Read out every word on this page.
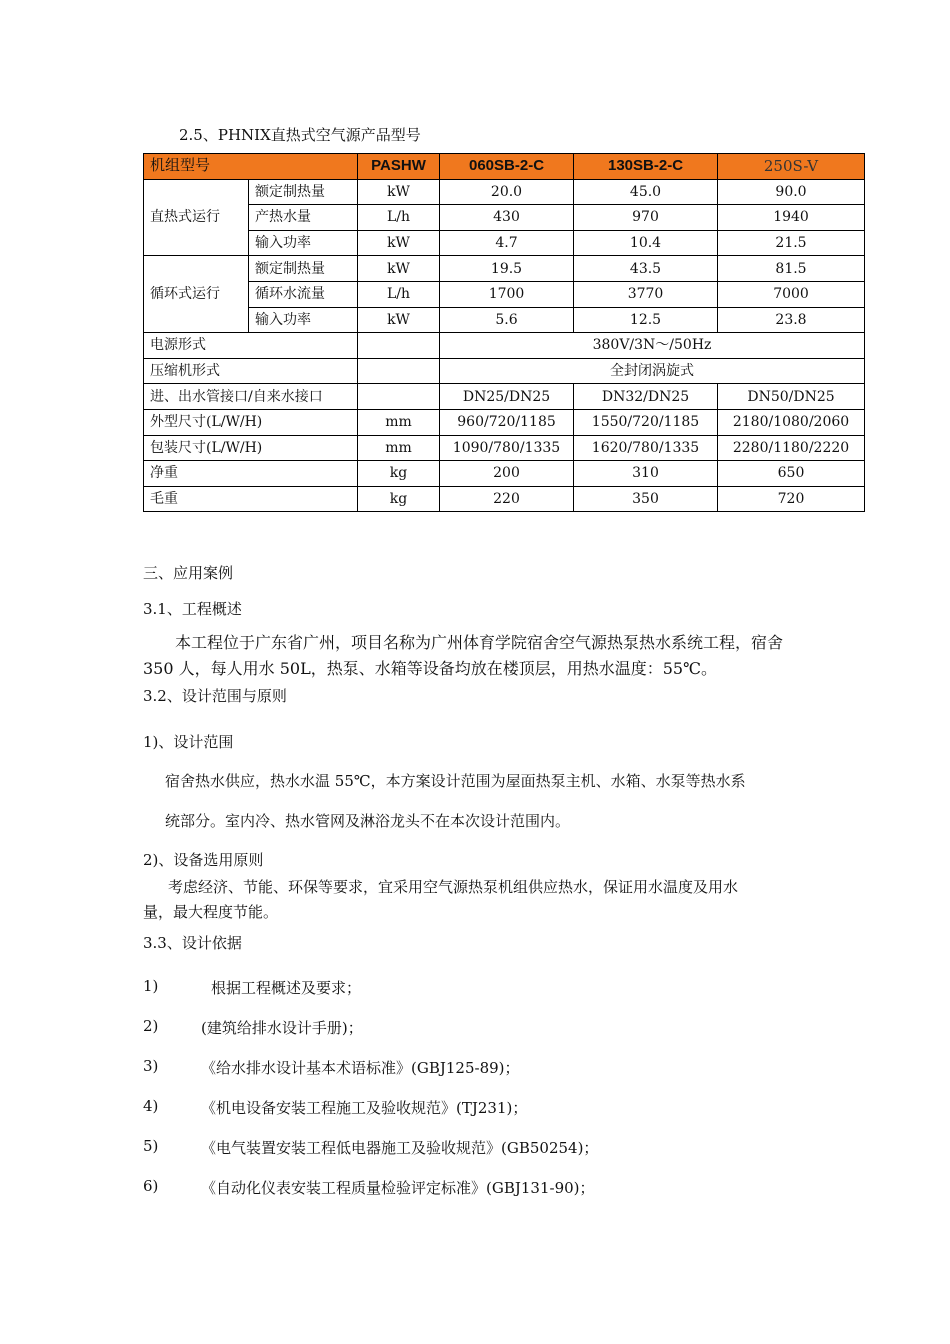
2.5、PHNIX直热式空气源产品型号
机组型号		PASHW	060SB-2-C	130SB-2-C	250S-V
直热式运行	额定制热量	kW	20.0	45.0	90.0
	产热水量	L/h	430	970	1940
	输入功率	kW	4.7	10.4	21.5
循环式运行	额定制热量	kW	19.5	43.5	81.5
	循环水流量	L/h	1700	3770	7000
	输入功率	kW	5.6	12.5	23.8
电源形式			380V/3N～/50Hz		
压缩机形式			全封闭涡旋式		
进、出水管接口/自来水接口			DN25/DN25	DN32/DN25	DN50/DN25
外型尺寸(L/W/H)		mm	960/720/1185	1550/720/1185	2180/1080/2060
包装尺寸(L/W/H)		mm	1090/780/1335	1620/780/1335	2280/1180/2220
净重		kg	200	310	650
毛重		kg	220	350	720
三、应用案例
3.1、工程概述
本工程位于广东省广州，项目名称为广州体育学院宿舍空气源热泵热水系统工程，宿舍
350 人，每人用水 50L，热泵、水箱等设备均放在楼顶层，用热水温度：55℃。
3.2、设计范围与原则
1)、设计范围
宿舍热水供应，热水水温 55℃，本方案设计范围为屋面热泵主机、水箱、水泵等热水系
统部分。室内冷、热水管网及淋浴龙头不在本次设计范围内。
2)、设备选用原则
考虑经济、节能、环保等要求，宜采用空气源热泵机组供应热水，保证用水温度及用水
量，最大程度节能。
3.3、设计依据
1)	根据工程概述及要求；
2)	(建筑给排水设计手册)；
3)	《给水排水设计基本术语标准》(GBJ125-89)；
4)	《机电设备安装工程施工及验收规范》(TJ231)；
5)	《电气装置安装工程低电器施工及验收规范》(GB50254)；
6)	《自动化仪表安装工程质量检验评定标准》(GBJ131-90)；
